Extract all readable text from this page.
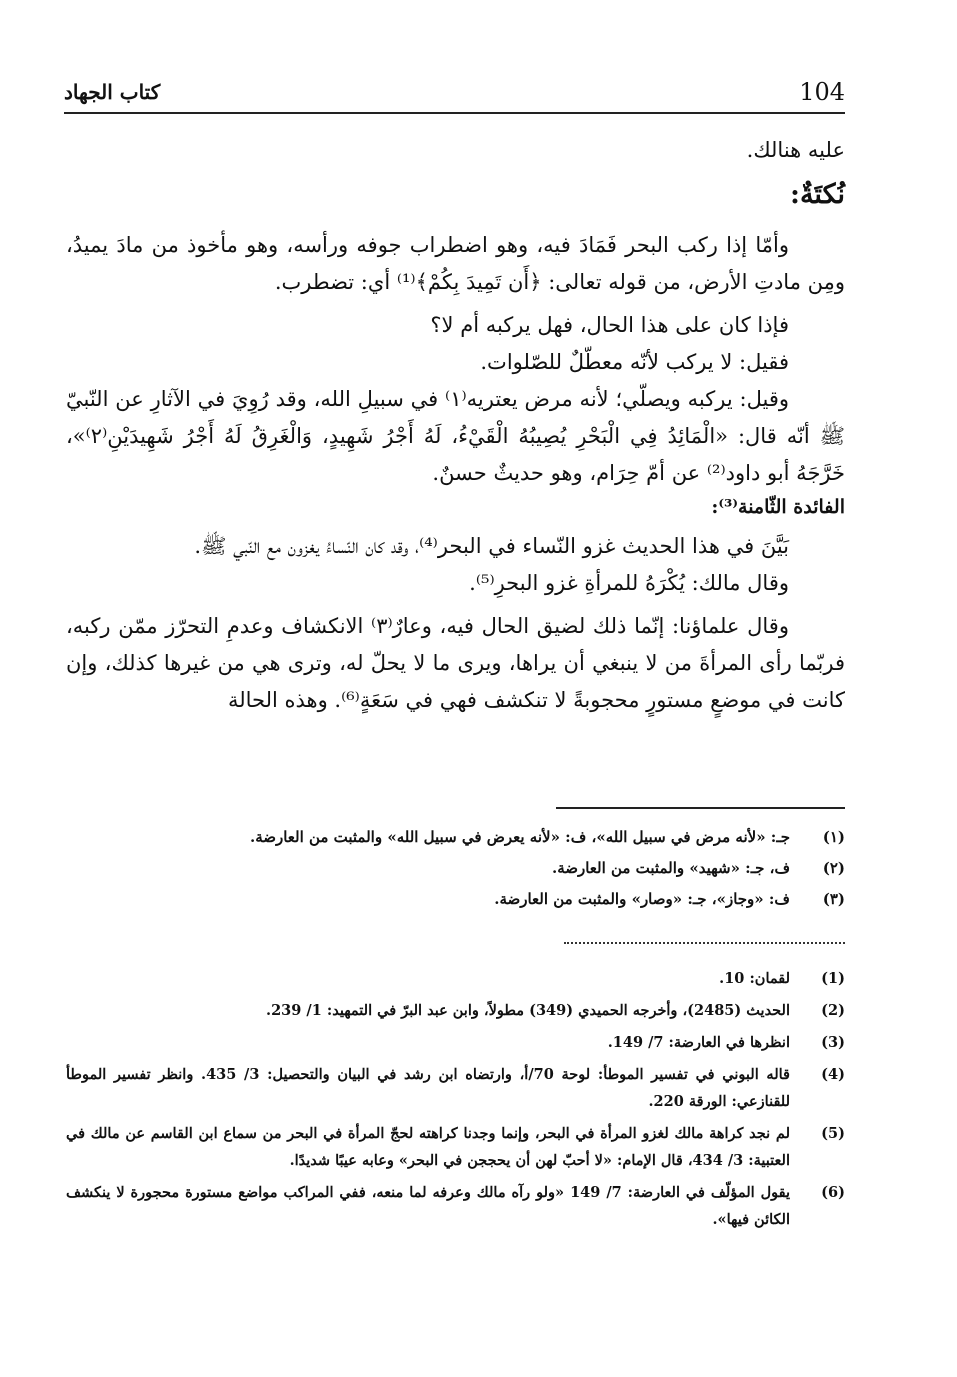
104
كتاب الجهاد

عليه هنالك.

نُكتَةٌ:

وأمّا إذا ركب البحر فَمَادَ فيه، وهو اضطراب جوفه ورأسه، وهو مأخوذ من مادَ يميدُ، ومِن مادتِ الأرض، من قوله تعالى: ﴿أَن تَمِيدَ بِكُمْ﴾⁽¹⁾ أي: تضطرب.

فإذا كان على هذا الحال، فهل يركبه أم لا؟

فقيل: لا يركب لأنّه معطّلٌ للصّلوات.

وقيل: يركبه ويصلّي؛ لأنه مرض يعتريه⁽١⁾ في سبيلِ الله، وقد رُوِيَ في الآثارِ عن النّبيّ ﷺ أنّه قال: «الْمَائِدُ فِي الْبَحْرِ يُصِيبُهُ الْقَيْءُ، لَهُ أَجْرُ شَهِيدٍ، وَالْغَرِقُ لَهُ أَجْرُ شَهِيدَيْنِ⁽٢⁾»، خَرَّجَهُ أبو داود⁽²⁾ عن أمّ حِرَام، وهو حديثٌ حسنٌ.

الفائدة الثّامنة⁽³⁾:

بَيَّنَ في هذا الحديث غزو النّساء في البحر⁽⁴⁾، وقد كان النّساءُ يغزون مع النّبي ﷺ.

وقال مالك: يُكْرَهُ للمرأةِ غزو البحرِ⁽⁵⁾.

وقال علماؤنا: إنّما ذلك لضيق الحال فيه، وعارٌ⁽٣⁾ الانكشاف وعدمِ التحرّز ممّن ركبه، فربّما رأى المرأةَ من لا ينبغي أن يراها، ويرى ما لا يحلّ له، وترى هي من غيرها كذلك، وإن كانت في موضعٍ مستورٍ محجوبةً لا تنكشف فهي في سَعَةٍ⁽⁶⁾. وهذه الحالة

(١)
جـ: «لأنه مرض في سبيل الله»، ف: «لأنه يعرض في سبيل الله» والمثبت من العارضة.
(٢)
ف، جـ: «شهيد» والمثبت من العارضة.
(٣)
ف: «وجاز»، جـ: «وصار» والمثبت من العارضة.
(1)
لقمان: 10.
(2)
الحديث (2485)، وأخرجه الحميدي (349) مطولاً، وابن عبد البرّ في التمهيد: 1/ 239.
(3)
انظرها في العارضة: 7/ 149.
(4)
قاله البوني في تفسير الموطأ: لوحة 70/أ، وارتضاه ابن رشد في البيان والتحصيل: 3/ 435. وانظر تفسير الموطأ للقنازعي: الورقة 220.
(5)
لم نجد كراهة مالك لغزو المرأة في البحر، وإنما وجدنا كراهته لحجّ المرأة في البحر من سماع ابن القاسم عن مالك في العتبية: 3/ 434، قال الإمام: «لا أحبّ لهن أن يحججن في البحر» وعابه عيبًا شديدًا.
(6)
يقول المؤلّف في العارضة: 7/ 149 «ولو رآه مالك وعرفه لما منعه، ففي المراكب مواضع مستورة محجورة لا ينكشف الكائن فيها».
